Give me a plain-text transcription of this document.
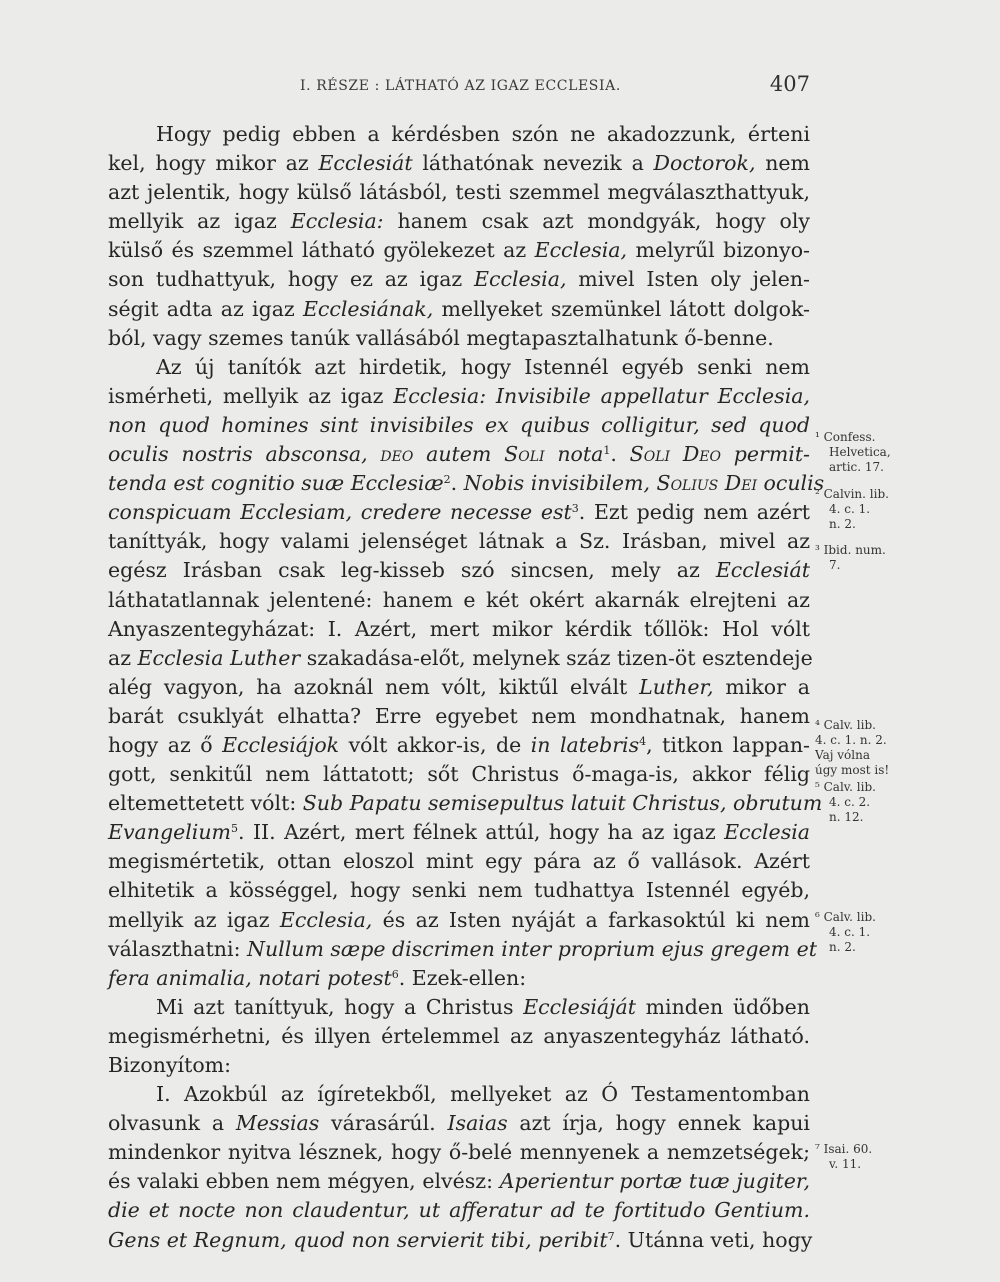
I. RÉSZE : LÁTHATÓ AZ IGAZ ECCLESIA.	407
Hogy pedig ebben a kérdésben szón ne akadozzunk, érteni
kel, hogy mikor az Ecclesiát láthatónak nevezik a Doctorok, nem
azt jelentik, hogy külső látásból, testi szemmel megválaszthattyuk,
mellyik az igaz Ecclesia: hanem csak azt mondgyák, hogy oly
külső és szemmel látható gyölekezet az Ecclesia, melyrűl bizonyo-
son tudhattyuk, hogy ez az igaz Ecclesia, mivel Isten oly jelen-
ségit adta az igaz Ecclesiának, mellyeket szemünkel látott dolgok-
ból, vagy szemes tanúk vallásából megtapasztalhatunk ő-benne.
Az új tanítók azt hirdetik, hogy Istennél egyéb senki nem
ismérheti, mellyik az igaz Ecclesia: Invisibile appellatur Ecclesia,
non quod homines sint invisibiles ex quibus colligitur, sed quod
oculis nostris absconsa, deo autem Soli nota$^1$. Soli Deo permit-
tenda est cognitio suæ Ecclesiæ$^2$. Nobis invisibilem, Solius Dei oculis
conspicuam Ecclesiam, credere necesse est$^3$. Ezt pedig nem azért
taníttyák, hogy valami jelenséget látnak a Sz. Irásban, mivel az
egész Irásban csak leg-kisseb szó sincsen, mely az Ecclesiát
láthatatlannak jelentené: hanem e két okért akarnák elrejteni az
Anyaszentegyházat: I. Azért, mert mikor kérdik tőllök: Hol vólt
az Ecclesia Luther szakadása-előt, melynek száz tizen-öt esztendeje
alég vagyon, ha azoknál nem vólt, kiktűl elvált Luther, mikor a
barát csuklyát elhatta? Erre egyebet nem mondhatnak, hanem
hogy az ő Ecclesiájok vólt akkor-is, de in latebris$^4$, titkon lappan-
gott, senkitűl nem láttatott; sőt Christus ő-maga-is, akkor félig
eltemettetett vólt: Sub Papatu semisepultus latuit Christus, obrutum
Evangelium$^5$. II. Azért, mert félnek attúl, hogy ha az igaz Ecclesia
megismértetik, ottan eloszol mint egy pára az ő vallások. Azért
elhitetik a kösséggel, hogy senki nem tudhattya Istennél egyéb,
mellyik az igaz Ecclesia, és az Isten nyáját a farkasoktúl ki nem
választhatni: Nullum sæpe discrimen inter proprium ejus gregem et
fera animalia, notari potest$^6$. Ezek-ellen:
Mi azt taníttyuk, hogy a Christus Ecclesiáját minden üdőben
megismérhetni, és illyen értelemmel az anyaszentegyház látható.
Bizonyítom:
I. Azokbúl az ígíretekből, mellyeket az Ó Testamentomban
olvasunk a Messias várasárúl. Isaias azt írja, hogy ennek kapui
mindenkor nyitva lésznek, hogy ő-belé mennyenek a nemzetségek;
és valaki ebben nem mégyen, elvész: Aperientur portæ tuæ jugiter,
die et nocte non claudentur, ut afferatur ad te fortitudo Gentium.
Gens et Regnum, quod non servierit tibi, peribit$^7$. Utánna veti, hogy
¹ Confess.
Helvetica,
artic. 17.
² Calvin. lib.
4. c. 1.
n. 2.
³ Ibid. num.
7.
⁴ Calv. lib.
4. c. 1. n. 2.
Vaj vólna
úgy most is!
⁵ Calv. lib.
4. c. 2.
n. 12.
⁶ Calv. lib.
4. c. 1.
n. 2.
⁷ Isai. 60.
v. 11.
